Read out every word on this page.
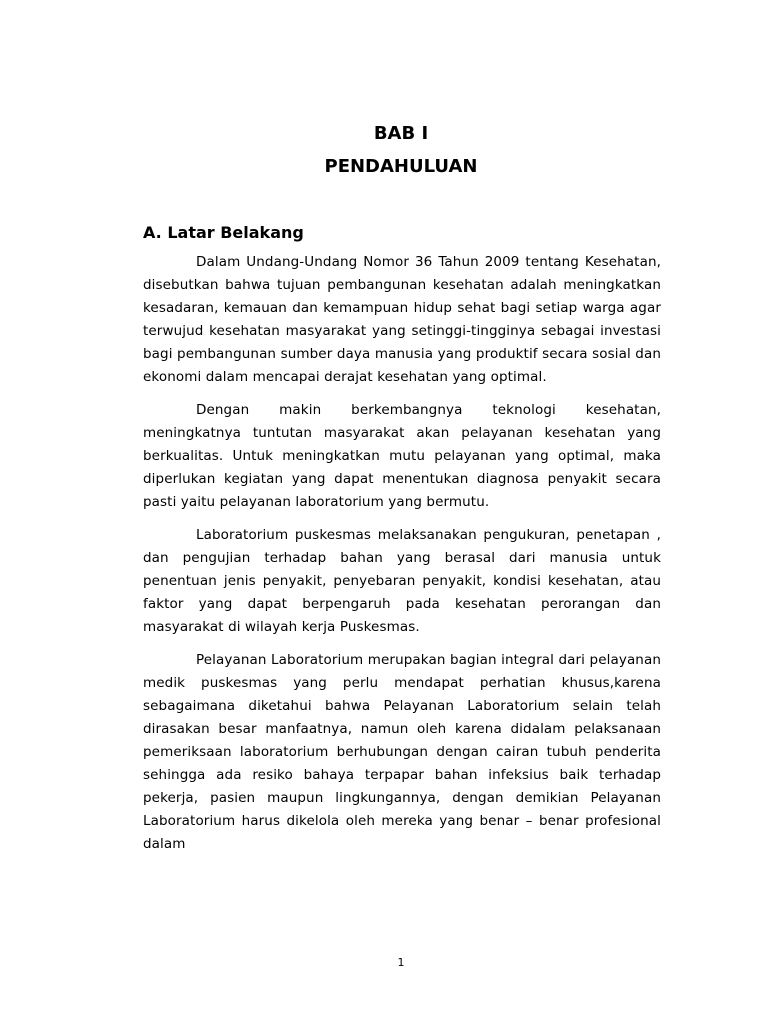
BAB I
PENDAHULUAN
A. Latar Belakang

Dalam Undang-Undang Nomor 36 Tahun 2009 tentang Kesehatan, disebutkan bahwa tujuan pembangunan kesehatan adalah meningkatkan kesadaran, kemauan dan kemampuan hidup sehat bagi setiap warga agar terwujud kesehatan masyarakat yang setinggi-tingginya sebagai investasi bagi pembangunan sumber daya manusia yang produktif secara sosial dan ekonomi dalam mencapai derajat kesehatan yang optimal.

Dengan makin berkembangnya teknologi kesehatan, meningkatnya tuntutan masyarakat akan pelayanan kesehatan yang berkualitas. Untuk meningkatkan mutu pelayanan yang optimal, maka diperlukan kegiatan yang dapat menentukan diagnosa penyakit secara pasti yaitu pelayanan laboratorium yang bermutu.

Laboratorium puskesmas melaksanakan pengukuran, penetapan , dan pengujian terhadap bahan yang berasal dari manusia untuk penentuan jenis penyakit, penyebaran penyakit, kondisi kesehatan, atau faktor yang dapat berpengaruh pada kesehatan perorangan dan masyarakat di wilayah kerja Puskesmas.

Pelayanan Laboratorium merupakan bagian integral dari pelayanan medik puskesmas yang perlu mendapat perhatian khusus,karena sebagaimana diketahui bahwa Pelayanan Laboratorium selain telah dirasakan besar manfaatnya, namun oleh karena didalam pelaksanaan pemeriksaan laboratorium berhubungan dengan cairan tubuh penderita sehingga ada resiko bahaya terpapar bahan infeksius baik terhadap pekerja, pasien maupun lingkungannya, dengan demikian Pelayanan Laboratorium harus dikelola oleh mereka yang benar – benar profesional dalam

1
